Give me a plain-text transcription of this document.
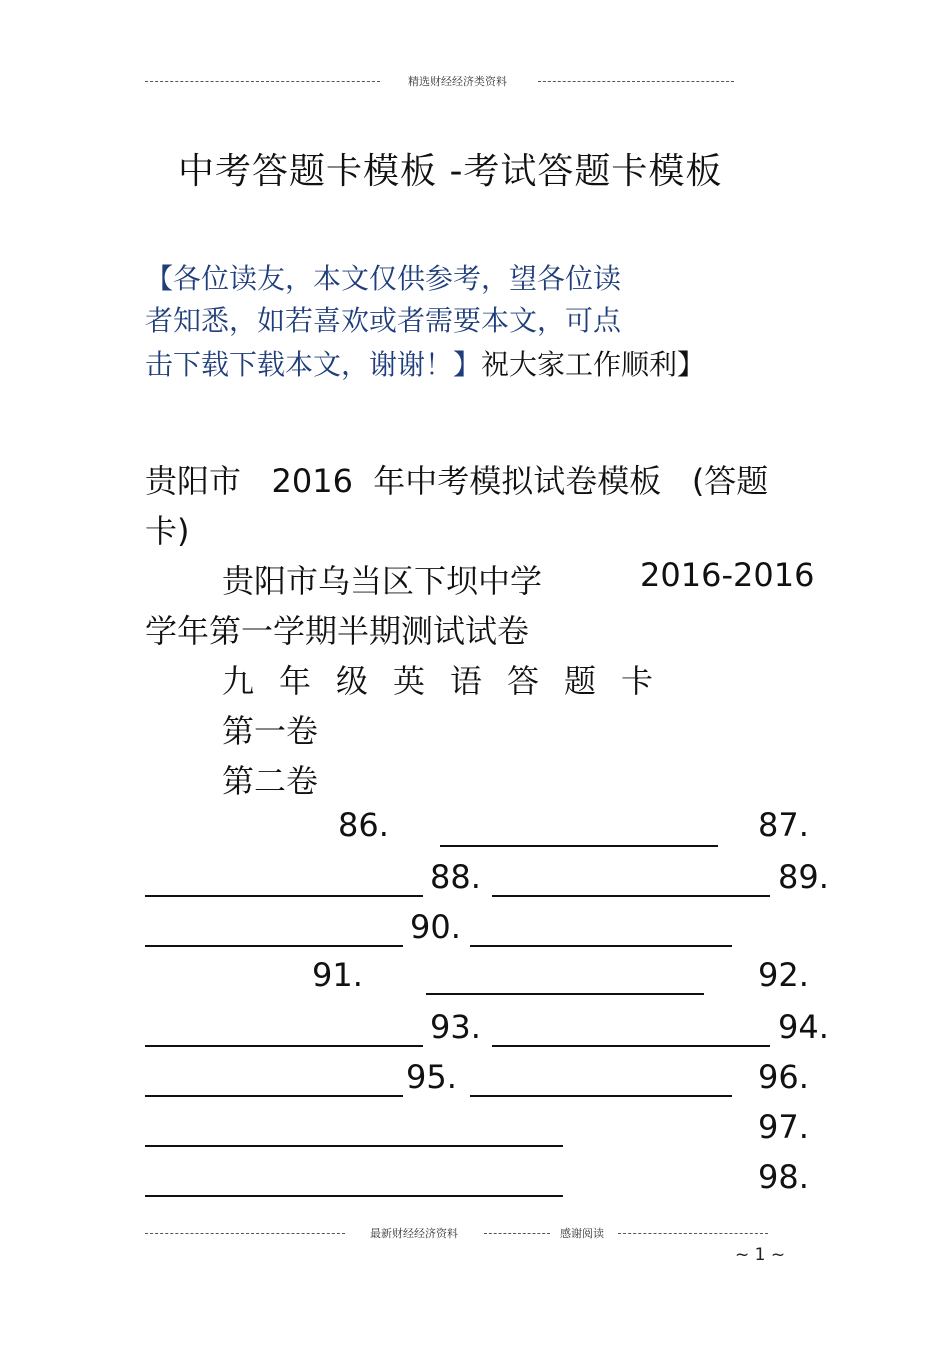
精选财经经济类资料
中考答题卡模板 -考试答题卡模板
【各位读友，本文仅供参考，望各位读
者知悉，如若喜欢或者需要本文，可点
击下载下载本文，谢谢！】祝大家工作顺利】
贵阳市   2016  年中考模拟试卷模板   (答题
卡)
贵阳市乌当区下坝中学	2016-2016
学年第一学期半期测试试卷
九 年 级 英 语 答 题 卡
第一卷
第二卷
86.	87.
88.	89.
90.
91.	92.
93.	94.
95.	96.
97.
98.
最新财经经济资料	感谢阅读
~ 1 ~
